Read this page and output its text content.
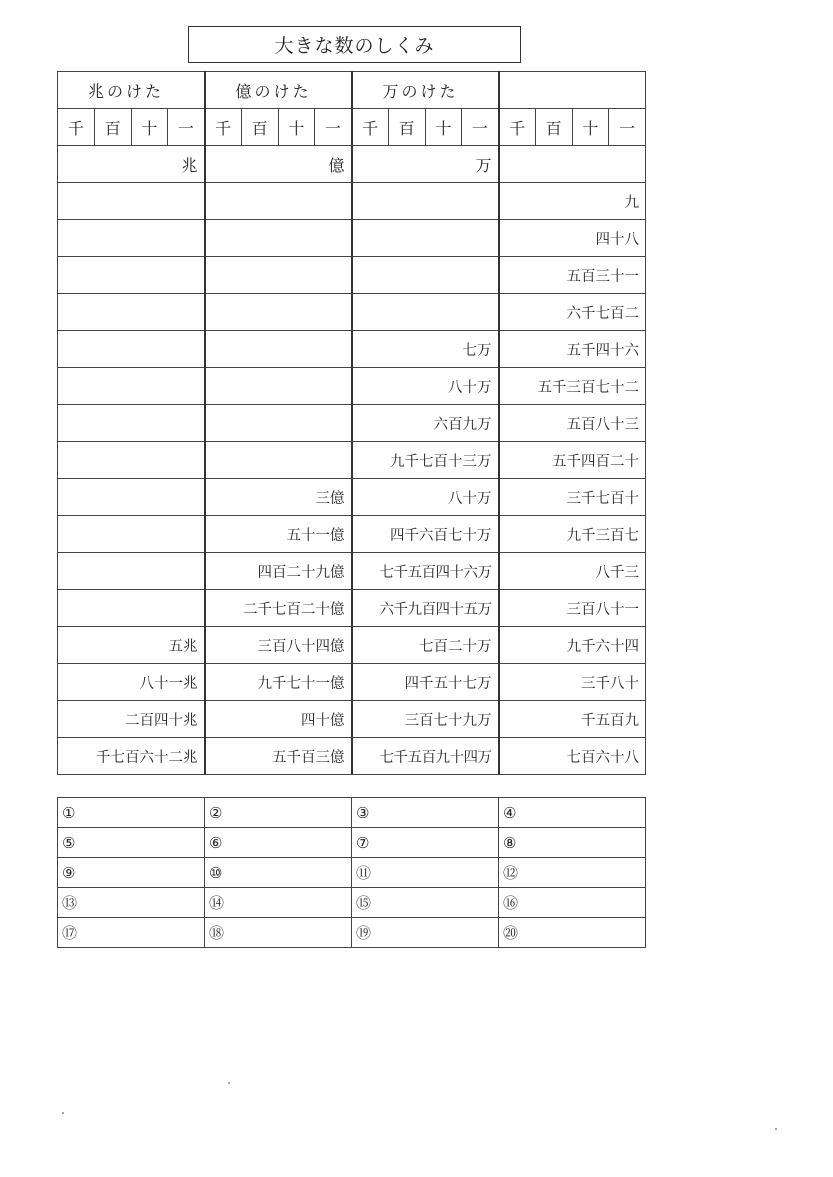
大きな数のしくみ
兆のけた				億のけた				万のけた							
千	百	十	一	千	百	十	一	千	百	十	一	千	百	十	一
兆				億				万							
												九			
												四十八			
												五百三十一			
												六千七百二			
								七万				五千四十六			
								八十万				五千三百七十二			
								六百九万				五百八十三			
								九千七百十三万				五千四百二十			
				三億				八十万				三千七百十			
				五十一億				四千六百七十万				九千三百七			
				四百二十九億				七千五百四十六万				八千三			
				二千七百二十億				六千九百四十五万				三百八十一			
五兆				三百八十四億				七百二十万				九千六十四			
八十一兆				九千七十一億				四千五十七万				三千八十			
二百四十兆				四十億				三百七十九万				千五百九			
千七百六十二兆				五千百三億				七千五百九十四万				七百六十八			
①	②	③	④
⑤	⑥	⑦	⑧
⑨	⑩	⑪	⑫
⑬	⑭	⑮	⑯
⑰	⑱	⑲	⑳
